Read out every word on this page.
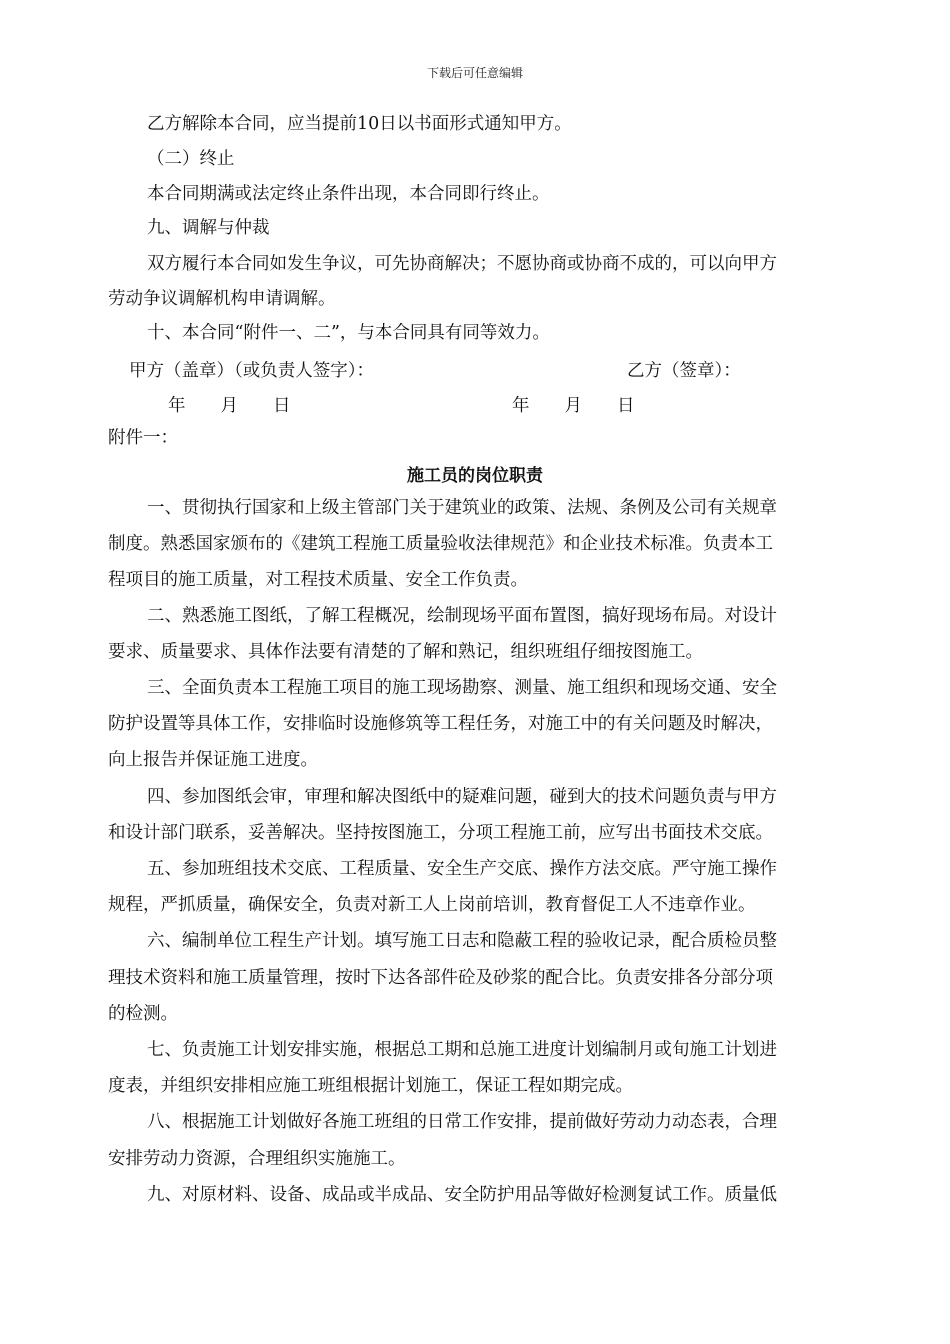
下载后可任意编辑
乙方解除本合同，应当提前10日以书面形式通知甲方。
（二）终止
本合同期满或法定终止条件出现，本合同即行终止。
九、调解与仲裁
双方履行本合同如发生争议，可先协商解决；不愿协商或协商不成的，可以向甲方
劳动争议调解机构申请调解。
十、本合同“附件一、二”，与本合同具有同等效力。
甲方（盖章）（或负责人签字）：	乙方（签章）：
年　　月　　日	年　　月　　日
附件一：
施工员的岗位职责
一、贯彻执行国家和上级主管部门关于建筑业的政策、法规、条例及公司有关规章
制度。熟悉国家颁布的《建筑工程施工质量验收法律规范》和企业技术标准。负责本工
程项目的施工质量，对工程技术质量、安全工作负责。
二、熟悉施工图纸，了解工程概况，绘制现场平面布置图，搞好现场布局。对设计
要求、质量要求、具体作法要有清楚的了解和熟记，组织班组仔细按图施工。
三、全面负责本工程施工项目的施工现场勘察、测量、施工组织和现场交通、安全
防护设置等具体工作，安排临时设施修筑等工程任务，对施工中的有关问题及时解决，
向上报告并保证施工进度。
四、参加图纸会审，审理和解决图纸中的疑难问题，碰到大的技术问题负责与甲方
和设计部门联系，妥善解决。坚持按图施工，分项工程施工前，应写出书面技术交底。
五、参加班组技术交底、工程质量、安全生产交底、操作方法交底。严守施工操作
规程，严抓质量，确保安全，负责对新工人上岗前培训，教育督促工人不违章作业。
六、编制单位工程生产计划。填写施工日志和隐蔽工程的验收记录，配合质检员整
理技术资料和施工质量管理，按时下达各部件砼及砂浆的配合比。负责安排各分部分项
的检测。
七、负责施工计划安排实施，根据总工期和总施工进度计划编制月或旬施工计划进
度表，并组织安排相应施工班组根据计划施工，保证工程如期完成。
八、根据施工计划做好各施工班组的日常工作安排，提前做好劳动力动态表，合理
安排劳动力资源，合理组织实施施工。
九、对原材料、设备、成品或半成品、安全防护用品等做好检测复试工作。质量低
